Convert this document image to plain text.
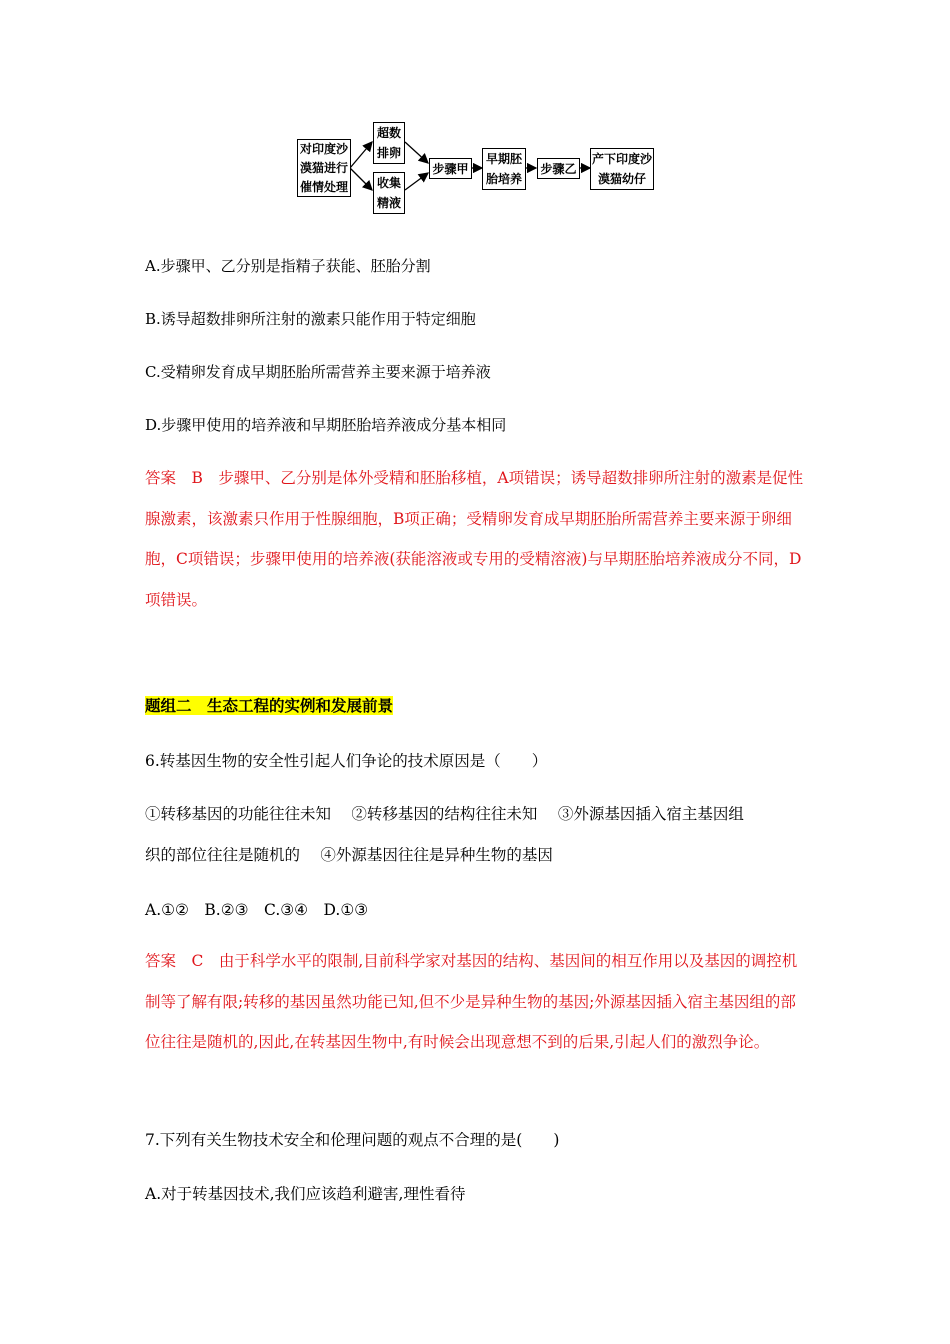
对印度沙漠猫进行催情处理
超数排卵
收集精液
步骤甲
早期胚胎培养
步骤乙
产下印度沙漠猫幼仔
A.步骤甲、乙分别是指精子获能、胚胎分割
B.诱导超数排卵所注射的激素只能作用于特定细胞
C.受精卵发育成早期胚胎所需营养主要来源于培养液
D.步骤甲使用的培养液和早期胚胎培养液成分基本相同
答案　B　步骤甲、乙分别是体外受精和胚胎移植，A项错误；诱导超数排卵所注射的激素是促性腺激素，该激素只作用于性腺细胞，B项正确；受精卵发育成早期胚胎所需营养主要来源于卵细胞，C项错误；步骤甲使用的培养液(获能溶液或专用的受精溶液)与早期胚胎培养液成分不同，D项错误。
题组二　生态工程的实例和发展前景
6.转基因生物的安全性引起人们争论的技术原因是（　　）
①转移基因的功能往往未知　 ②转移基因的结构往往未知　 ③外源基因插入宿主基因组
织的部位往往是随机的　 ④外源基因往往是异种生物的基因
A.①②　B.②③　C.③④　D.①③
答案　C　由于科学水平的限制,目前科学家对基因的结构、基因间的相互作用以及基因的调控机制等了解有限;转移的基因虽然功能已知,但不少是异种生物的基因;外源基因插入宿主基因组的部位往往是随机的,因此,在转基因生物中,有时候会出现意想不到的后果,引起人们的激烈争论。
7.下列有关生物技术安全和伦理问题的观点不合理的是(　　)
A.对于转基因技术,我们应该趋利避害,理性看待
